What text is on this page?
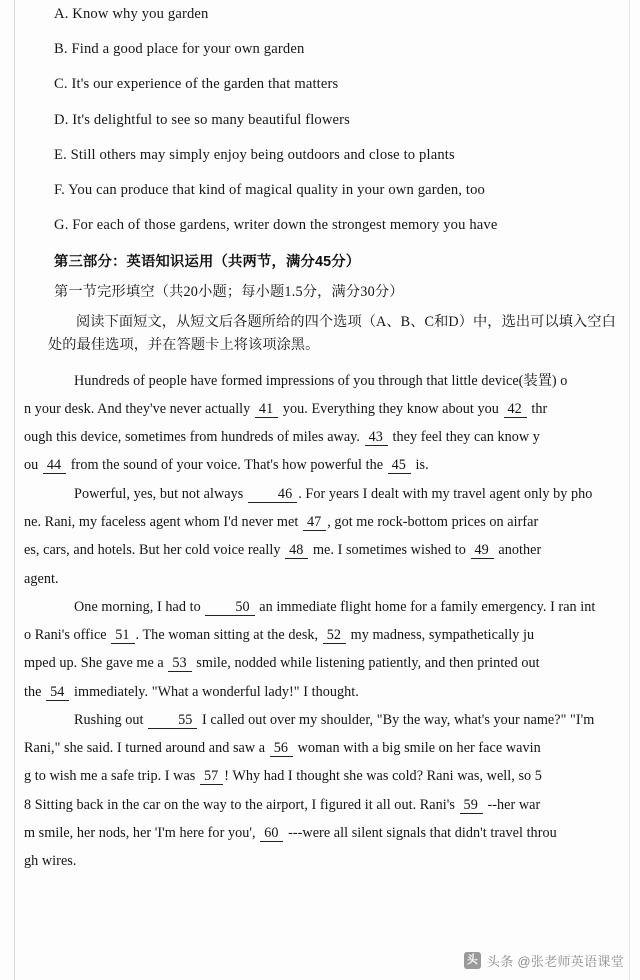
A. Know why you garden

B. Find a good place for your own garden

C. It's our experience of the garden that matters

D. It's delightful to see so many beautiful flowers

E. Still others may simply enjoy being outdoors and close to plants

F. You can produce that kind of magical quality in your own garden, too

G. For each of those gardens, writer down the strongest memory you have

第三部分：英语知识运用（共两节，满分45分）
第一节完形填空（共20小题；每小题1.5分，满分30分）
阅读下面短文，从短文后各题所给的四个选项（A、B、C和D）中，选出可以填入空白处的最佳选项，并在答题卡上将该项涂黑。

Hundreds of people have formed impressions of you through that little device(装置) o

n your desk. And they've never actually 41 you. Everything they know about you 42 thr

ough this device, sometimes from hundreds of miles away. 43 they feel they can know y

ou 44 from the sound of your voice. That's how powerful the 45 is.

Powerful, yes, but not always 46 . For years I dealt with my travel agent only by pho

ne. Rani, my faceless agent whom I'd never met 47 , got me rock-bottom prices on airfar

es, cars, and hotels. But her cold voice really 48 me. I sometimes wished to 49 another

agent.

One morning, I had to 50 an immediate flight home for a family emergency. I ran int

o Rani's office 51 . The woman sitting at the desk, 52 my madness, sympathetically ju

mped up. She gave me a 53 smile, nodded while listening patiently, and then printed out

the 54 immediately. "What a wonderful lady!" I thought.

Rushing out 55 I called out over my shoulder, "By the way, what's your name?" "I'm

Rani," she said. I turned around and saw a 56 woman with a big smile on her face wavin

g to wish me a safe trip. I was 57 ! Why had I thought she was cold? Rani was, well, so 5

8 Sitting back in the car on the way to the airport, I figured it all out. Rani's 59 --her war

m smile, her nods, her 'I'm here for you', 60 ---were all silent signals that didn't travel throu

gh wires.

头 头条 @张老师英语课堂
